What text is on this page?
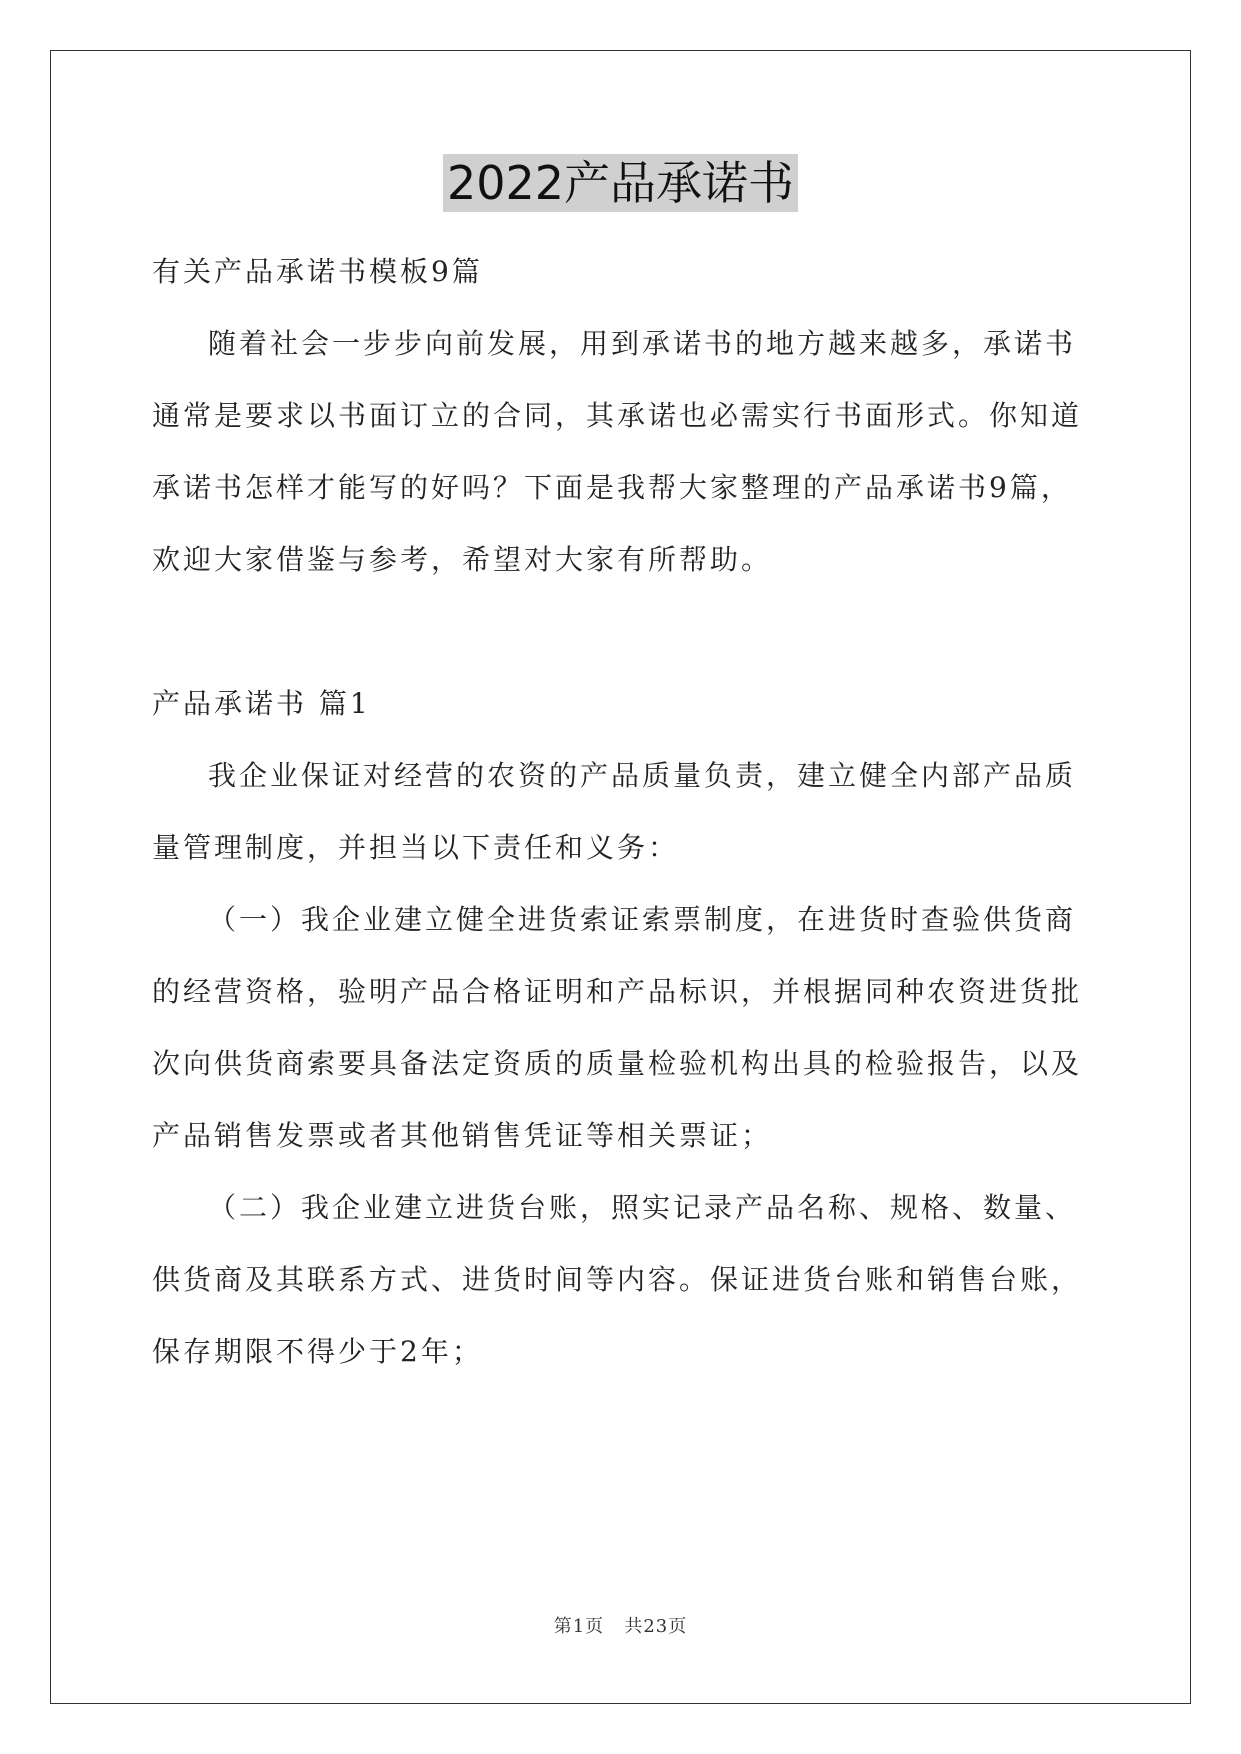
2022产品承诺书

有关产品承诺书模板9篇

随着社会一步步向前发展，用到承诺书的地方越来越多，承诺书通常是要求以书面订立的合同，其承诺也必需实行书面形式。你知道承诺书怎样才能写的好吗？下面是我帮大家整理的产品承诺书9篇，欢迎大家借鉴与参考，希望对大家有所帮助。

产品承诺书 篇1

我企业保证对经营的农资的产品质量负责，建立健全内部产品质量管理制度，并担当以下责任和义务：

（一）我企业建立健全进货索证索票制度，在进货时查验供货商的经营资格，验明产品合格证明和产品标识，并根据同种农资进货批次向供货商索要具备法定资质的质量检验机构出具的检验报告，以及产品销售发票或者其他销售凭证等相关票证；

（二）我企业建立进货台账，照实记录产品名称、规格、数量、供货商及其联系方式、进货时间等内容。保证进货台账和销售台账，保存期限不得少于2年；

第1页 共23页
